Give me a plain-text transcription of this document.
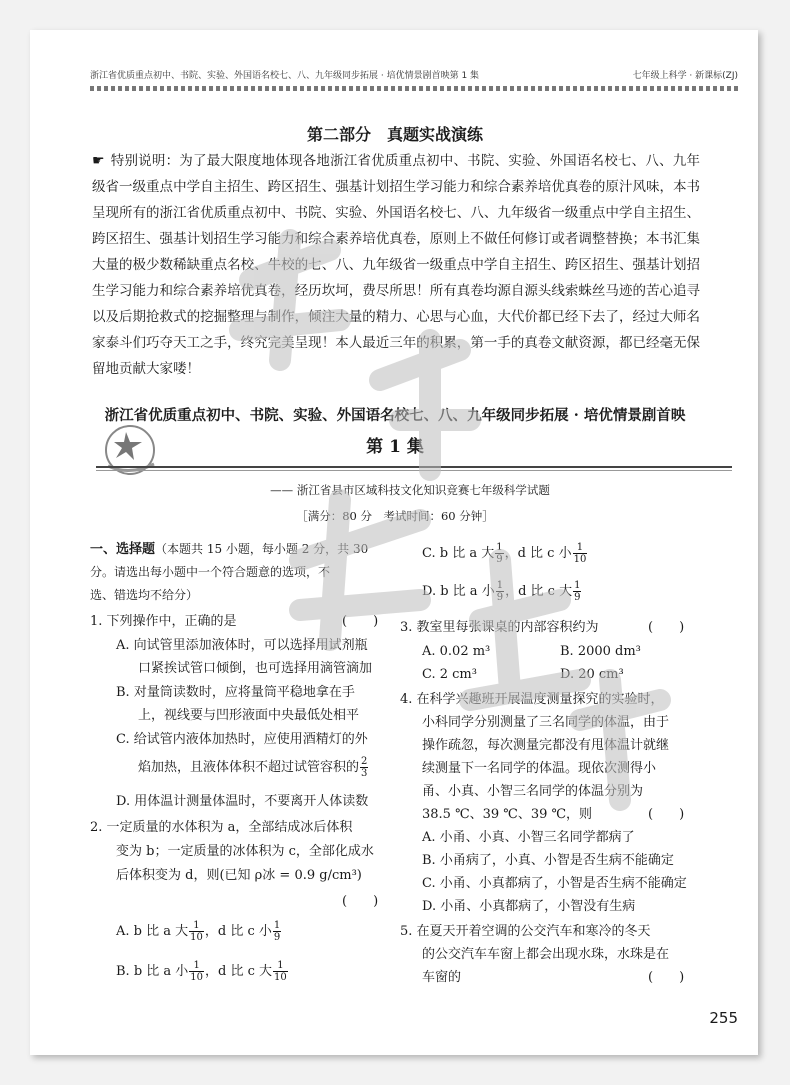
浙江省优质重点初中、书院、实验、外国语名校七、八、九年级同步拓展 · 培优情景剧首映第 1 集	七年级上科学 · 新课标(ZJ)
第二部分　真题实战演练
☛ 特别说明：为了最大限度地体现各地浙江省优质重点初中、书院、实验、外国语名校七、八、九年级省一级重点中学自主招生、跨区招生、强基计划招生学习能力和综合素养培优真卷的原汁风味，本书呈现所有的浙江省优质重点初中、书院、实验、外国语名校七、八、九年级省一级重点中学自主招生、跨区招生、强基计划招生学习能力和综合素养培优真卷，原则上不做任何修订或者调整替换；本书汇集大量的极少数稀缺重点名校、牛校的七、八、九年级省一级重点中学自主招生、跨区招生、强基计划招生学习能力和综合素养培优真卷，经历坎坷，费尽所思！所有真卷均源自源头线索蛛丝马迹的苦心追寻以及后期抢救式的挖掘整理与制作，倾注大量的精力、心思与心血，大代价都已经下去了，经过大师名家泰斗们巧夺天工之手，终究完美呈现！本人最近三年的积累，第一手的真卷文献资源，都已经毫无保留地贡献大家喽！
浙江省优质重点初中、书院、实验、外国语名校七、八、九年级同步拓展 · 培优情景剧首映
第 1 集
—— 浙江省县市区域科技文化知识竞赛七年级科学试题
［满分：80 分　考试时间：60 分钟］
一、选择题（本题共 15 小题，每小题 2 分，共 30
分。请选出每小题中一个符合题意的选项，不
选、错选均不给分）
1. 下列操作中，正确的是	(　　)
A. 向试管里添加液体时，可以选择用试剂瓶
口紧挨试管口倾倒，也可选择用滴管滴加
B. 对量筒读数时，应将量筒平稳地拿在手
上，视线要与凹形液面中央最低处相平
C. 给试管内液体加热时，应使用酒精灯的外
焰加热，且液体体积不超过试管容积的 $\frac{2}{3}$
D. 用体温计测量体温时，不要离开人体读数
2. 一定质量的水体积为 a，全部结成冰后体积
变为 b；一定质量的冰体积为 c，全部化成水
后体积变为 d，则(已知 ρ冰 = 0.9 g/cm³)
(　　)
A. b 比 a 大 $\frac{1}{10}$ ，d 比 c 小 $\frac{1}{9}$
B. b 比 a 小 $\frac{1}{10}$ ，d 比 c 大 $\frac{1}{10}$
C. b 比 a 大 $\frac{1}{9}$ ，d 比 c 小 $\frac{1}{10}$
D. b 比 a 小 $\frac{1}{9}$ ，d 比 c 大 $\frac{1}{9}$
3. 教室里每张课桌的内部容积约为	(　　)
A. 0.02 m³	B. 2000 dm³
C. 2 cm³	D. 20 cm³
4. 在科学兴趣班开展温度测量探究的实验时，
小科同学分别测量了三名同学的体温，由于
操作疏忽，每次测量完都没有甩体温计就继
续测量下一名同学的体温。现依次测得小
甬、小真、小智三名同学的体温分别为
38.5 ℃、39 ℃、39 ℃，则	(　　)
A. 小甬、小真、小智三名同学都病了
B. 小甬病了，小真、小智是否生病不能确定
C. 小甬、小真都病了，小智是否生病不能确定
D. 小甬、小真都病了，小智没有生病
5. 在夏天开着空调的公交汽车和寒冷的冬天
的公交汽车车窗上都会出现水珠，水珠是在
车窗的	(　　)
255
